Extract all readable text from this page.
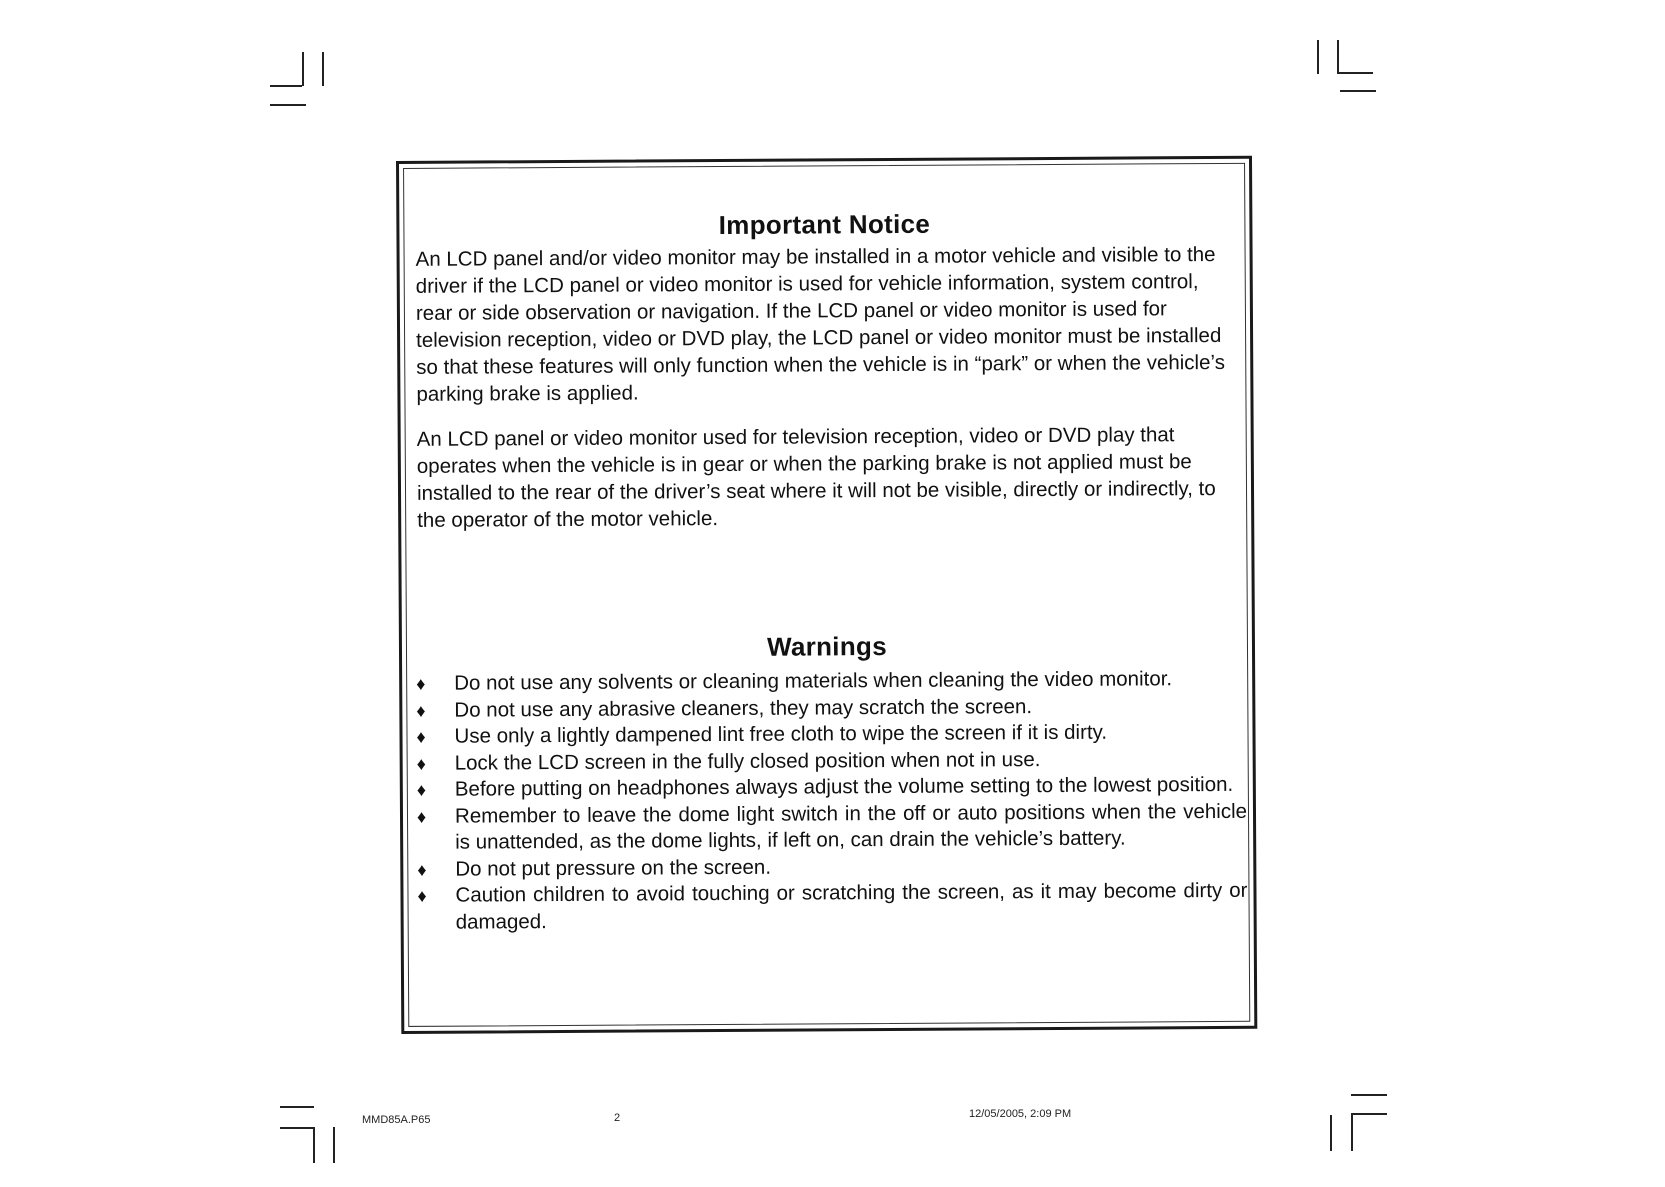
Important Notice

An LCD panel and/or video monitor may be installed in a motor vehicle and visible to the driver if the LCD panel or video monitor is used for vehicle information, system control, rear or side observation or navigation. If the LCD panel or video monitor is used for television reception, video or DVD play, the LCD panel or video monitor must be installed so that these features will only function when the vehicle is in “park” or when the vehicle’s parking brake is applied.

An LCD panel or video monitor used for television reception, video or DVD play that operates when the vehicle is in gear or when the parking brake is not applied must be installed to the rear of the driver’s seat where it will not be visible, directly or indirectly, to the operator of the motor vehicle.

Warnings
♦	Do not use any solvents or cleaning materials when cleaning the video monitor.
♦	Do not use any abrasive cleaners, they may scratch the screen.
♦	Use only a lightly dampened lint free cloth to wipe the screen if it is dirty.
♦	Lock the LCD screen in the fully closed position when not in use.
♦	Before putting on headphones always adjust the volume setting to the lowest position.
♦	Remember to leave the dome light switch in the off or auto positions when the vehicle is unattended, as the dome lights, if left on, can drain the vehicle’s battery.
♦	Do not put pressure on the screen.
♦	Caution children to avoid touching or scratching the screen, as it may become dirty or damaged.
MMD85A.P65	2	12/05/2005, 2:09 PM
